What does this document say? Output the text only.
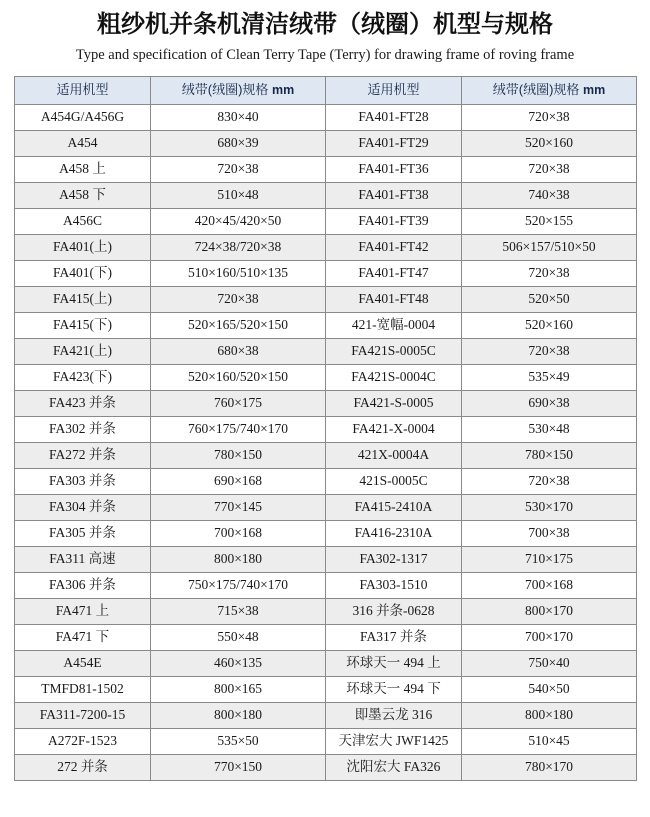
粗纱机并条机清洁绒带（绒圈）机型与规格
Type and specification of Clean Terry Tape (Terry) for drawing frame of roving frame
适用机型	绒带(绒圈)规格 mm	适用机型	绒带(绒圈)规格 mm
A454G/A456G	830×40	FA401-FT28	720×38
A454	680×39	FA401-FT29	520×160
A458 上	720×38	FA401-FT36	720×38
A458 下	510×48	FA401-FT38	740×38
A456C	420×45/420×50	FA401-FT39	520×155
FA401(上)	724×38/720×38	FA401-FT42	506×157/510×50
FA401(下)	510×160/510×135	FA401-FT47	720×38
FA415(上)	720×38	FA401-FT48	520×50
FA415(下)	520×165/520×150	421-宽幅-0004	520×160
FA421(上)	680×38	FA421S-0005C	720×38
FA423(下)	520×160/520×150	FA421S-0004C	535×49
FA423 并条	760×175	FA421-S-0005	690×38
FA302 并条	760×175/740×170	FA421-X-0004	530×48
FA272 并条	780×150	421X-0004A	780×150
FA303 并条	690×168	421S-0005C	720×38
FA304 并条	770×145	FA415-2410A	530×170
FA305 并条	700×168	FA416-2310A	700×38
FA311 高速	800×180	FA302-1317	710×175
FA306 并条	750×175/740×170	FA303-1510	700×168
FA471 上	715×38	316 并条-0628	800×170
FA471 下	550×48	FA317 并条	700×170
A454E	460×135	环球天一 494 上	750×40
TMFD81-1502	800×165	环球天一 494 下	540×50
FA311-7200-15	800×180	即墨云龙 316	800×180
A272F-1523	535×50	天津宏大 JWF1425	510×45
272 并条	770×150	沈阳宏大 FA326	780×170
